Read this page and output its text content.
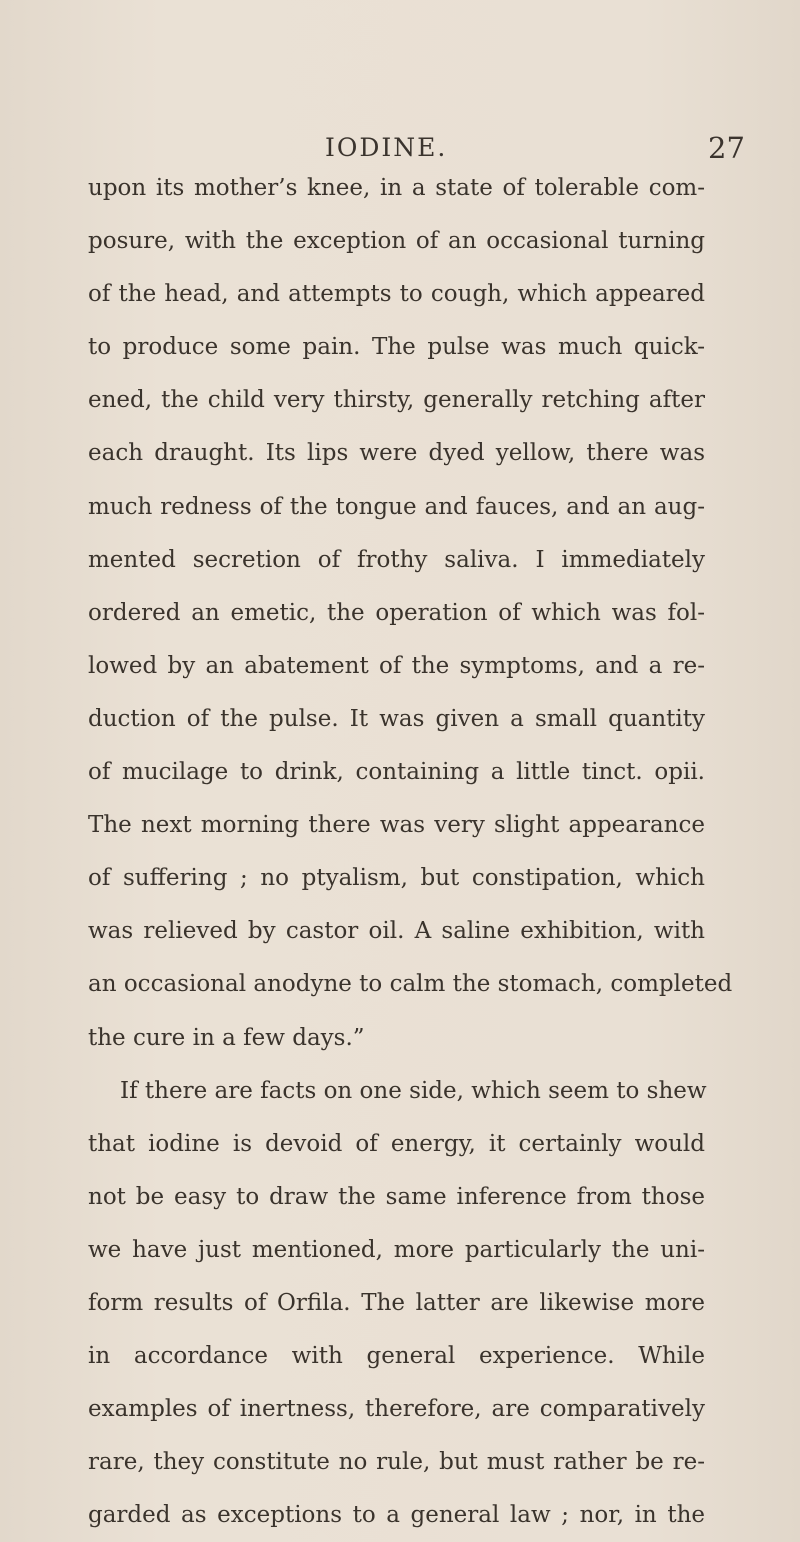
IODINE.	27
upon its mother’s knee, in a state of tolerable com-
posure, with the exception of an occasional turning
of the head, and attempts to cough, which appeared
to produce some pain. The pulse was much quick-
ened, the child very thirsty, generally retching after
each draught. Its lips were dyed yellow, there was
much redness of the tongue and fauces, and an aug-
mented secretion of frothy saliva. I immediately
ordered an emetic, the operation of which was fol-
lowed by an abatement of the symptoms, and a re-
duction of the pulse. It was given a small quantity
of mucilage to drink, containing a little tinct. opii.
The next morning there was very slight appearance
of suffering ; no ptyalism, but constipation, which
was relieved by castor oil. A saline exhibition, with
an occasional anodyne to calm the stomach, completed
the cure in a few days.”
If there are facts on one side, which seem to shew
that iodine is devoid of energy, it certainly would
not be easy to draw the same inference from those
we have just mentioned, more particularly the uni-
form results of Orfila. The latter are likewise more
in accordance with general experience. While
examples of inertness, therefore, are comparatively
rare, they constitute no rule, but must rather be re-
garded as exceptions to a general law ; nor, in the
